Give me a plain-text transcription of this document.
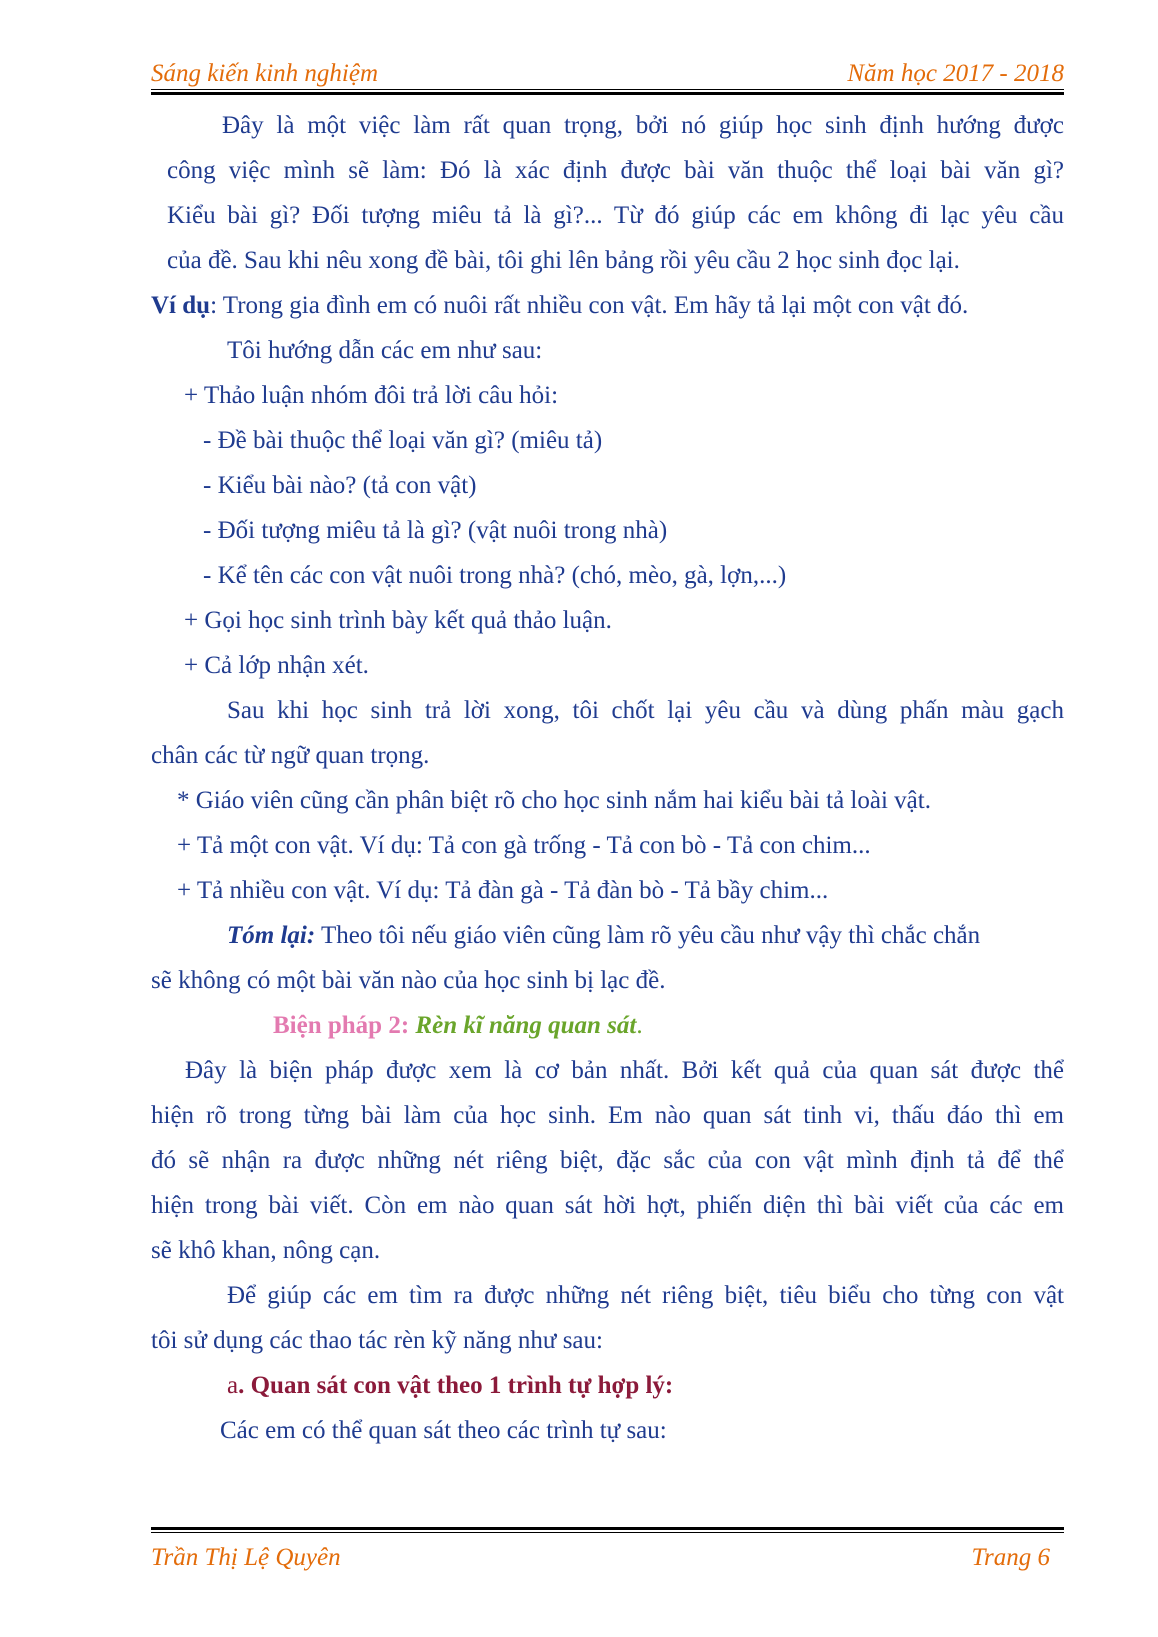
Sáng kiến kinh nghiệm	Năm học 2017 - 2018
Đây là một việc làm rất quan trọng, bởi nó giúp học sinh định hướng được
công việc mình sẽ làm: Đó là xác định được bài văn thuộc thể loại bài văn gì?
Kiểu bài gì? Đối tượng miêu tả là gì?... Từ đó giúp các em không đi lạc yêu cầu
của đề. Sau khi nêu xong đề bài, tôi ghi lên bảng rồi yêu cầu 2 học sinh đọc lại.
Ví dụ: Trong gia đình em có nuôi rất nhiều con vật. Em hãy tả lại một con vật đó.
Tôi hướng dẫn các em như sau:
+ Thảo luận nhóm đôi trả lời câu hỏi:
- Đề bài thuộc thể loại văn gì? (miêu tả)
- Kiểu bài nào? (tả con vật)
- Đối tượng miêu tả là gì? (vật nuôi trong nhà)
- Kể tên các con vật nuôi trong nhà? (chó, mèo, gà, lợn,...)
+ Gọi học sinh trình bày kết quả thảo luận.
+ Cả lớp nhận xét.
Sau khi học sinh trả lời xong, tôi chốt lại yêu cầu và dùng phấn màu gạch
chân các từ ngữ quan trọng.
* Giáo viên cũng cần phân biệt rõ cho học sinh nắm hai kiểu bài tả loài vật.
+ Tả một con vật. Ví dụ: Tả con gà trống - Tả con bò - Tả con chim...
+ Tả nhiều con vật. Ví dụ: Tả đàn gà - Tả đàn bò - Tả bầy chim...
Tóm lại: Theo tôi nếu giáo viên cũng làm rõ yêu cầu như vậy thì chắc chắn
sẽ không có một bài văn nào của học sinh bị lạc đề.
Biện pháp 2: Rèn kĩ năng quan sát.
Đây là biện pháp được xem là cơ bản nhất. Bởi kết quả của quan sát được thể
hiện rõ trong từng bài làm của học sinh. Em nào quan sát tinh vi, thấu đáo thì em
đó sẽ nhận ra được những nét riêng biệt, đặc sắc của con vật mình định tả để thể
hiện trong bài viết. Còn em nào quan sát hời hợt, phiến diện thì bài viết của các em
sẽ khô khan, nông cạn.
Để giúp các em tìm ra được những nét riêng biệt, tiêu biểu cho từng con vật
tôi sử dụng các thao tác rèn kỹ năng như sau:
a. Quan sát con vật theo 1 trình tự hợp lý:
Các em có thể quan sát theo các trình tự sau:
Trần Thị Lệ Quyên	Trang 6
